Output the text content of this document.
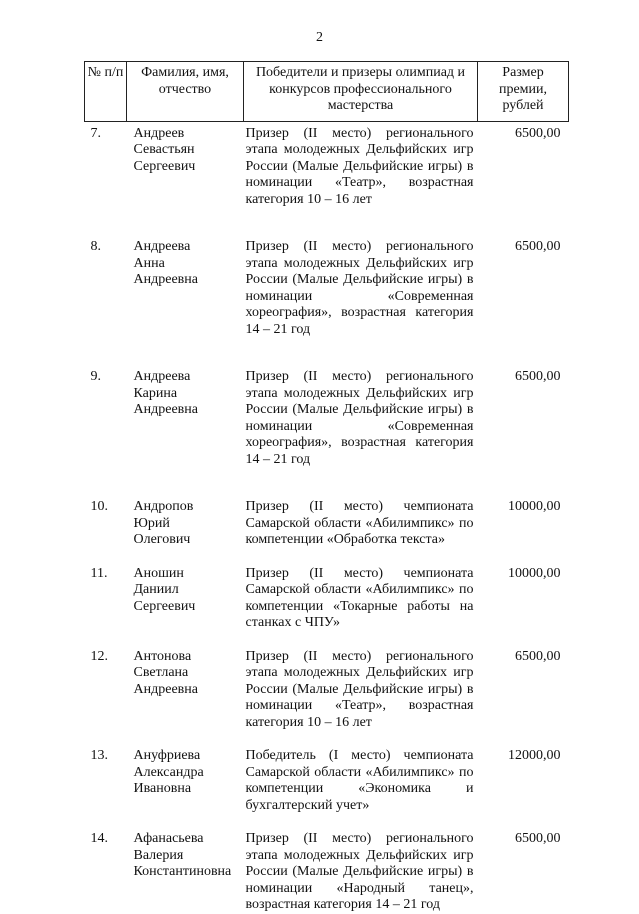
2
№ п/п	Фамилия, имя, отчество	Победители и призеры олимпиад и конкурсов профессионального мастерства	Размер премии, рублей
7.	Андреев
Севастьян
Сергеевич	Призер (II место) регионального этапа молодежных Дельфийских игр России (Малые Дельфийские игры) в номинации «Театр», возрастная категория 10 – 16 лет	6500,00

8.	Андреева
Анна
Андреевна	Призер (II место) регионального этапа молодежных Дельфийских игр России (Малые Дельфийские игры) в номинации «Современная хореография», возрастная категория 14 – 21 год	6500,00

9.	Андреева
Карина
Андреевна	Призер (II место) регионального этапа молодежных Дельфийских игр России (Малые Дельфийские игры) в номинации «Современная хореография», возрастная категория 14 – 21 год	6500,00

10.	Андропов
Юрий
Олегович	Призер (II место) чемпионата Самарской области «Абилимпикс» по компетенции «Обработка текста»	10000,00

11.	Аношин
Даниил
Сергеевич	Призер (II место) чемпионата Самарской области «Абилимпикс» по компетенции «Токарные работы на станках с ЧПУ»	10000,00

12.	Антонова
Светлана
Андреевна	Призер (II место) регионального этапа молодежных Дельфийских игр России (Малые Дельфийские игры) в номинации «Театр», возрастная категория 10 – 16 лет	6500,00

13.	Ануфриева
Александра
Ивановна	Победитель (I место) чемпионата Самарской области «Абилимпикс» по компетенции «Экономика и бухгалтерский учет»	12000,00

14.	Афанасьева
Валерия
Константиновна	Призер (II место) регионального этапа молодежных Дельфийских игр России (Малые Дельфийские игры) в номинации «Народный танец», возрастная категория 14 – 21 год	6500,00
